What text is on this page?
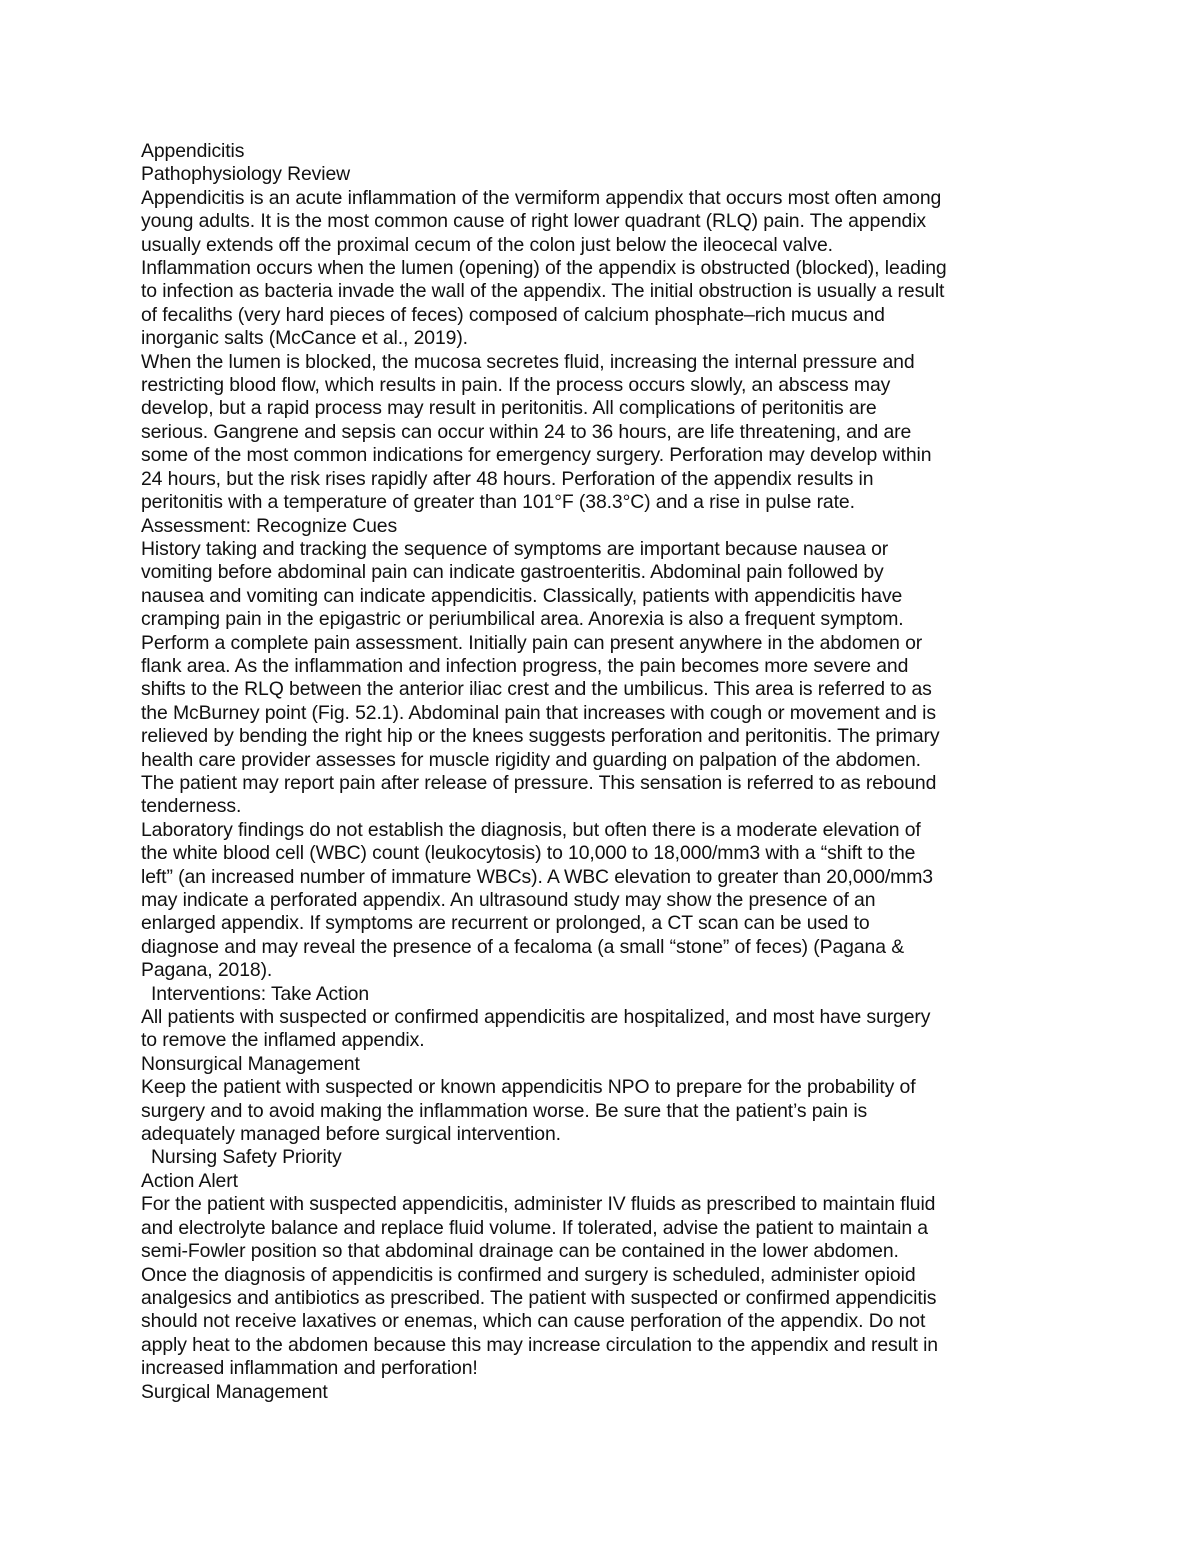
Appendicitis
Pathophysiology Review
Appendicitis is an acute inflammation of the vermiform appendix that occurs most often among
young adults. It is the most common cause of right lower quadrant (RLQ) pain. The appendix
usually extends off the proximal cecum of the colon just below the ileocecal valve.
Inflammation occurs when the lumen (opening) of the appendix is obstructed (blocked), leading
to infection as bacteria invade the wall of the appendix. The initial obstruction is usually a result
of fecaliths (very hard pieces of feces) composed of calcium phosphate–rich mucus and
inorganic salts (McCance et al., 2019).
When the lumen is blocked, the mucosa secretes fluid, increasing the internal pressure and
restricting blood flow, which results in pain. If the process occurs slowly, an abscess may
develop, but a rapid process may result in peritonitis. All complications of peritonitis are
serious. Gangrene and sepsis can occur within 24 to 36 hours, are life threatening, and are
some of the most common indications for emergency surgery. Perforation may develop within
24 hours, but the risk rises rapidly after 48 hours. Perforation of the appendix results in
peritonitis with a temperature of greater than 101°F (38.3°C) and a rise in pulse rate.
Assessment: Recognize Cues
History taking and tracking the sequence of symptoms are important because nausea or
vomiting before abdominal pain can indicate gastroenteritis. Abdominal pain followed by
nausea and vomiting can indicate appendicitis. Classically, patients with appendicitis have
cramping pain in the epigastric or periumbilical area. Anorexia is also a frequent symptom.
Perform a complete pain assessment. Initially pain can present anywhere in the abdomen or
flank area. As the inflammation and infection progress, the pain becomes more severe and
shifts to the RLQ between the anterior iliac crest and the umbilicus. This area is referred to as
the McBurney point (Fig. 52.1). Abdominal pain that increases with cough or movement and is
relieved by bending the right hip or the knees suggests perforation and peritonitis. The primary
health care provider assesses for muscle rigidity and guarding on palpation of the abdomen.
The patient may report pain after release of pressure. This sensation is referred to as rebound
tenderness.
Laboratory findings do not establish the diagnosis, but often there is a moderate elevation of
the white blood cell (WBC) count (leukocytosis) to 10,000 to 18,000/mm3 with a “shift to the
left” (an increased number of immature WBCs). A WBC elevation to greater than 20,000/mm3
may indicate a perforated appendix. An ultrasound study may show the presence of an
enlarged appendix. If symptoms are recurrent or prolonged, a CT scan can be used to
diagnose and may reveal the presence of a fecaloma (a small “stone” of feces) (Pagana &
Pagana, 2018).
Interventions: Take Action
All patients with suspected or confirmed appendicitis are hospitalized, and most have surgery
to remove the inflamed appendix.
Nonsurgical Management
Keep the patient with suspected or known appendicitis NPO to prepare for the probability of
surgery and to avoid making the inflammation worse. Be sure that the patient’s pain is
adequately managed before surgical intervention.
Nursing Safety Priority
Action Alert
For the patient with suspected appendicitis, administer IV fluids as prescribed to maintain fluid
and electrolyte balance and replace fluid volume. If tolerated, advise the patient to maintain a
semi-Fowler position so that abdominal drainage can be contained in the lower abdomen.
Once the diagnosis of appendicitis is confirmed and surgery is scheduled, administer opioid
analgesics and antibiotics as prescribed. The patient with suspected or confirmed appendicitis
should not receive laxatives or enemas, which can cause perforation of the appendix. Do not
apply heat to the abdomen because this may increase circulation to the appendix and result in
increased inflammation and perforation!
Surgical Management
